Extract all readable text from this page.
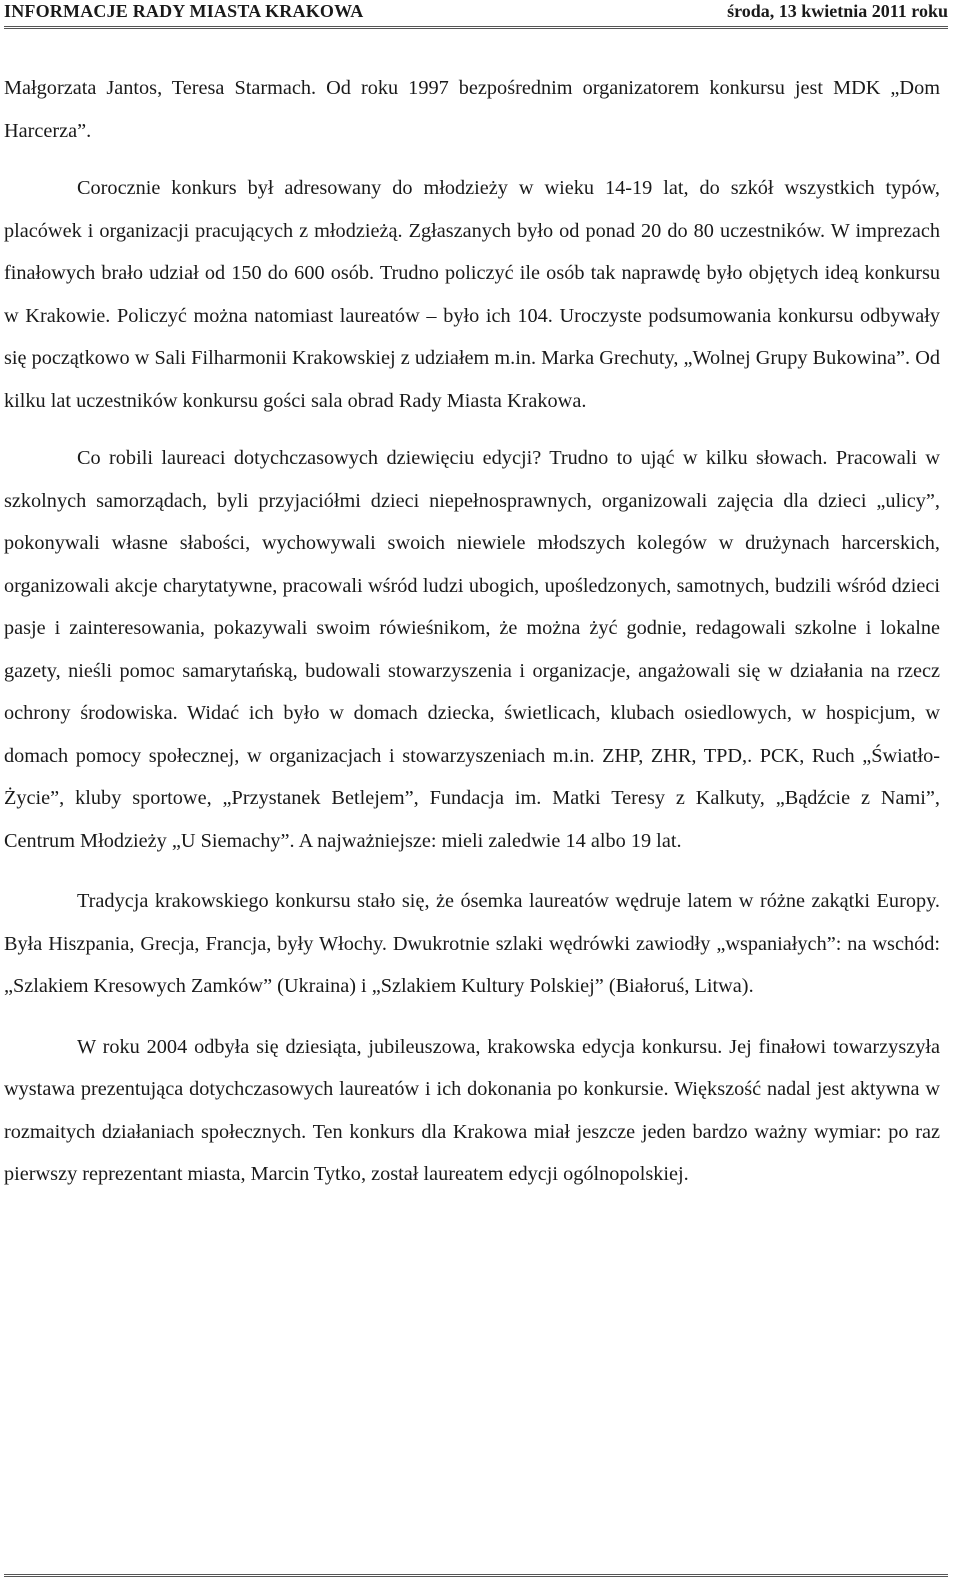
INFORMACJE RADY MIASTA KRAKOWA	środa, 13 kwietnia 2011 roku

Małgorzata Jantos, Teresa Starmach. Od roku 1997 bezpośrednim organizatorem konkursu jest MDK „Dom Harcerza”.

Corocznie konkurs był adresowany do młodzieży w wieku 14-19 lat, do szkół wszystkich typów, placówek i organizacji pracujących z młodzieżą. Zgłaszanych było od ponad 20 do 80 uczestników. W imprezach finałowych brało udział od 150 do 600 osób. Trudno policzyć ile osób tak naprawdę było objętych ideą konkursu w Krakowie. Policzyć można natomiast laureatów – było ich 104. Uroczyste podsumowania konkursu odbywały się początkowo w Sali Filharmonii Krakowskiej z udziałem m.in. Marka Grechuty, „Wolnej Grupy Bukowina”. Od kilku lat uczestników konkursu gości sala obrad Rady Miasta Krakowa.

Co robili laureaci dotychczasowych dziewięciu edycji? Trudno to ująć w kilku słowach. Pracowali w szkolnych samorządach, byli przyjaciółmi dzieci niepełnosprawnych, organizowali zajęcia dla dzieci „ulicy”, pokonywali własne słabości, wychowywali swoich niewiele młodszych kolegów w drużynach harcerskich, organizowali akcje charytatywne, pracowali wśród ludzi ubogich, upośledzonych, samotnych, budzili wśród dzieci pasje i zainteresowania, pokazywali swoim rówieśnikom, że można żyć godnie, redagowali szkolne i lokalne gazety, nieśli pomoc samarytańską, budowali stowarzyszenia i organizacje, angażowali się w działania na rzecz ochrony środowiska. Widać ich było w domach dziecka, świetlicach, klubach osiedlowych, w hospicjum, w domach pomocy społecznej, w organizacjach i stowarzyszeniach m.in. ZHP, ZHR, TPD,. PCK, Ruch „Światło-Życie”, kluby sportowe, „Przystanek Betlejem”, Fundacja im. Matki Teresy z Kalkuty, „Bądźcie z Nami”, Centrum Młodzieży „U Siemachy”. A najważniejsze: mieli zaledwie 14 albo 19 lat.

Tradycja krakowskiego konkursu stało się, że ósemka laureatów wędruje latem w różne zakątki Europy. Była Hiszpania, Grecja, Francja, były Włochy. Dwukrotnie szlaki wędrówki zawiodły „wspaniałych”: na wschód: „Szlakiem Kresowych Zamków” (Ukraina) i „Szlakiem Kultury Polskiej” (Białoruś, Litwa).

W roku 2004 odbyła się dziesiąta, jubileuszowa, krakowska edycja konkursu. Jej finałowi towarzyszyła wystawa prezentująca dotychczasowych laureatów i ich dokonania po konkursie. Większość nadal jest aktywna w rozmaitych działaniach społecznych. Ten konkurs dla Krakowa miał jeszcze jeden bardzo ważny wymiar: po raz pierwszy reprezentant miasta, Marcin Tytko, został laureatem edycji ogólnopolskiej.
